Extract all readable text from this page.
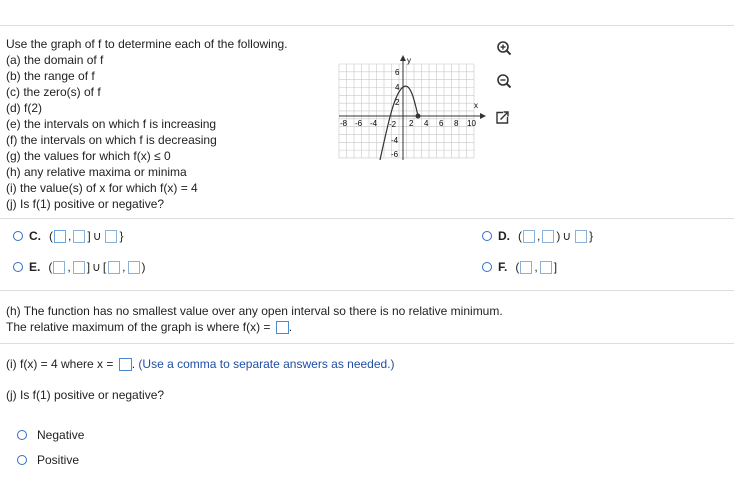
Use the graph of f to determine each of the following.
(a) the domain of f
(b) the range of f
(c) the zero(s) of f
(d) f(2)
(e) the intervals on which f is increasing
(f) the intervals on which f is decreasing
(g) the values for which f(x) ≤ 0
(h) any relative maxima or minima
(i) the value(s) of x for which f(x) = 4
(j) Is f(1) positive or negative?
y
x
6
4
2
-2
-4
-6
-8 -6 -4	2 4 6 8 10
C. ( , ] ∪ }	D. ( , ) ∪ }
E. ( , ] ∪ [ , )	F. ( , ]
(h) The function has no smallest value over any open interval so there is no relative minimum.
The relative maximum of the graph is where f(x) = .
(i) f(x) = 4 where x = . (Use a comma to separate answers as needed.)
(j) Is f(1) positive or negative?
Negative
Positive
